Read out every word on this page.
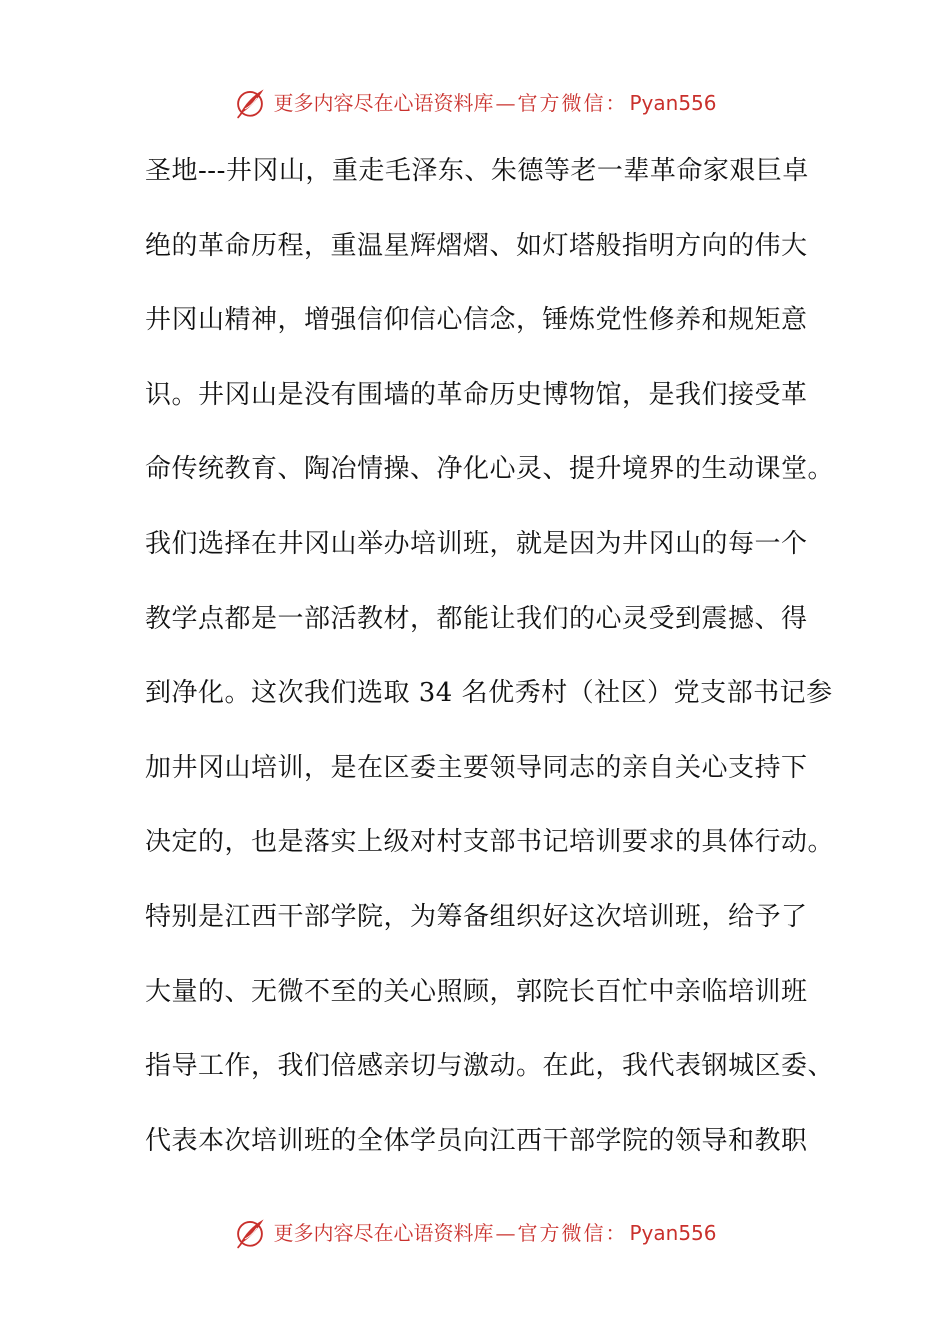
更多内容尽在心语资料库 — 官方微信： Pyan556
圣地---井冈山，重走毛泽东、朱德等老一辈革命家艰巨卓
绝的革命历程，重温星辉熠熠、如灯塔般指明方向的伟大
井冈山精神，增强信仰信心信念，锤炼党性修养和规矩意
识。井冈山是没有围墙的革命历史博物馆，是我们接受革
命传统教育、陶冶情操、净化心灵、提升境界的生动课堂。
我们选择在井冈山举办培训班，就是因为井冈山的每一个
教学点都是一部活教材，都能让我们的心灵受到震撼、得
到净化。这次我们选取 34 名优秀村（社区）党支部书记参
加井冈山培训，是在区委主要领导同志的亲自关心支持下
决定的，也是落实上级对村支部书记培训要求的具体行动。
特别是江西干部学院，为筹备组织好这次培训班，给予了
大量的、无微不至的关心照顾，郭院长百忙中亲临培训班
指导工作，我们倍感亲切与激动。在此，我代表钢城区委、
代表本次培训班的全体学员向江西干部学院的领导和教职
更多内容尽在心语资料库 — 官方微信： Pyan556
